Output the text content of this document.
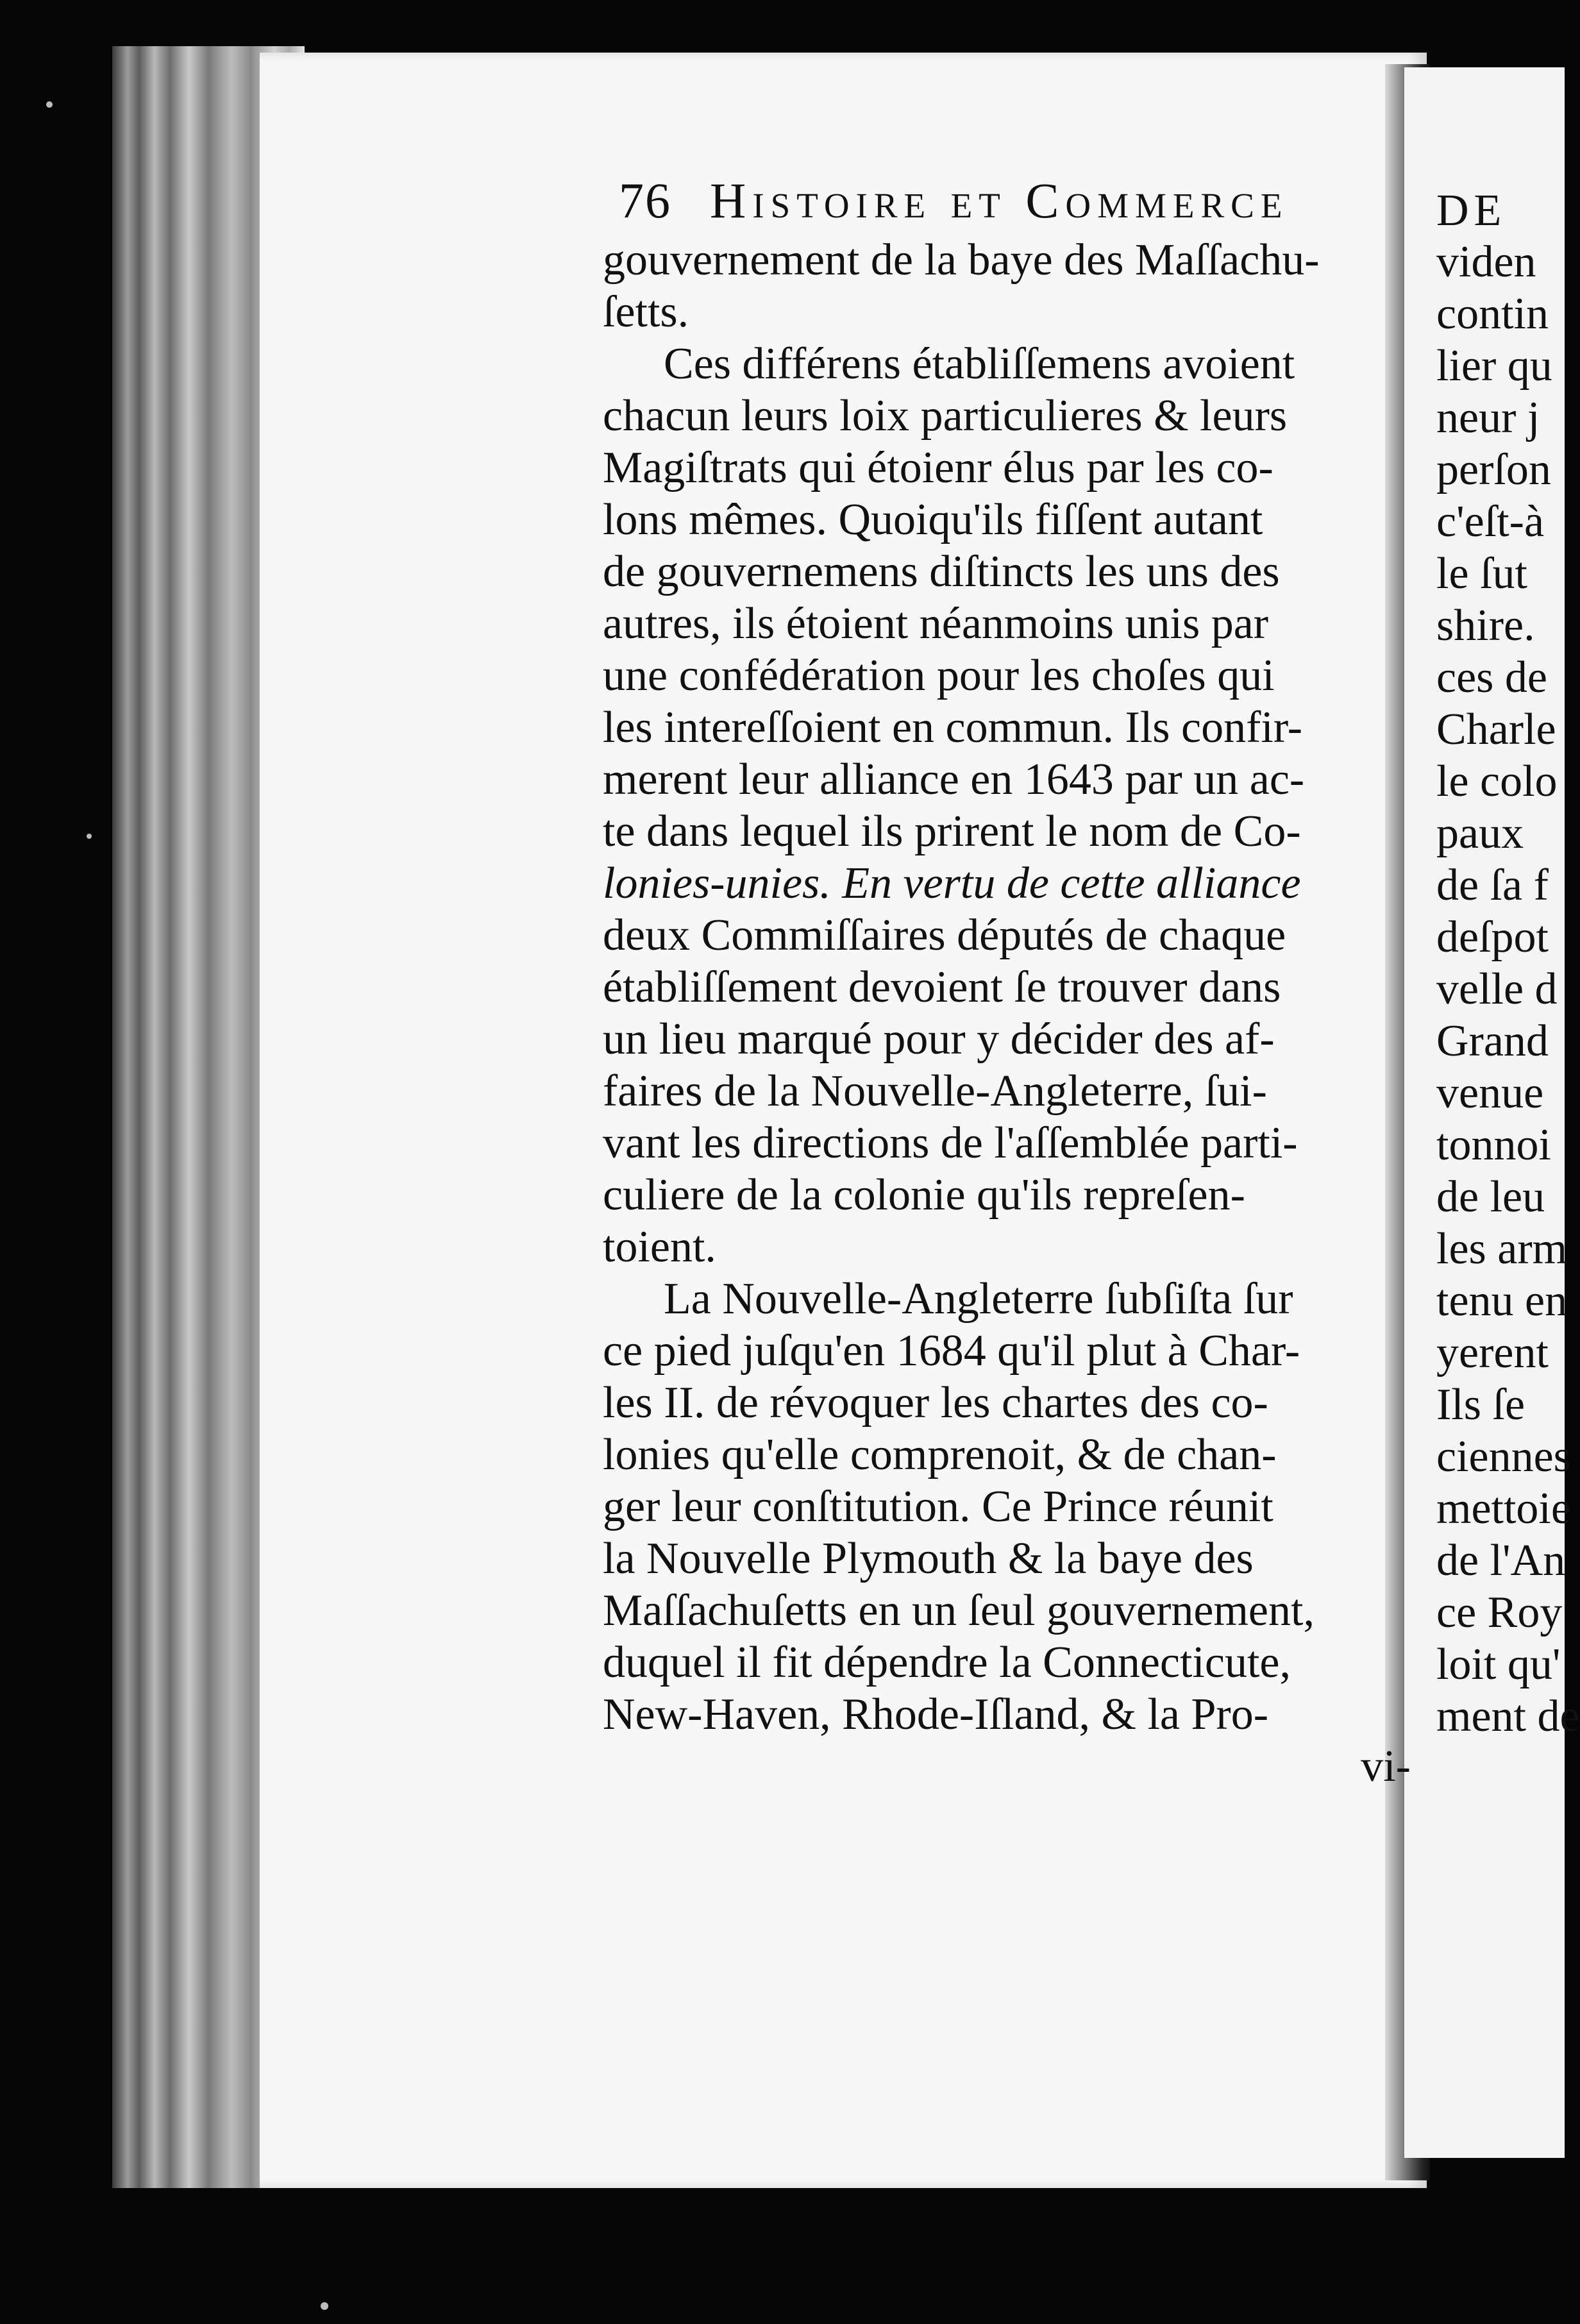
76 Histoire et Commerce
gouvernement de la baye des Maſſachu-
ſetts.
Ces différens établiſſemens avoient
chacun leurs loix particulieres & leurs
Magiſtrats qui étoienr élus par les co-
lons mêmes. Quoiqu'ils fiſſent autant
de gouvernemens diſtincts les uns des
autres, ils étoient néanmoins unis par
une confédération pour les choſes qui
les intereſſoient en commun. Ils confir-
merent leur alliance en 1643 par un ac-
te dans lequel ils prirent le nom de Co-
lonies-unies. En vertu de cette alliance
deux Commiſſaires députés de chaque
établiſſement devoient ſe trouver dans
un lieu marqué pour y décider des af-
faires de la Nouvelle-Angleterre, ſui-
vant les directions de l'aſſemblée parti-
culiere de la colonie qu'ils repreſen-
toient.
La Nouvelle-Angleterre ſubſiſta ſur
ce pied juſqu'en 1684 qu'il plut à Char-
les II. de révoquer les chartes des co-
lonies qu'elle comprenoit, & de chan-
ger leur conſtitution. Ce Prince réunit
la Nouvelle Plymouth & la baye des
Maſſachuſetts en un ſeul gouvernement,
duquel il fit dépendre la Connecticute,
New-Haven, Rhode-Iſland, & la Pro-
vi-
DE
viden
contin
lier qu
neur j
perſon
c'eſt-à
le ſut
shire.
ces de
Charle
le colo
paux
de ſa f
deſpot
velle d
Grand
venue
tonnoi
de leu
les arm
tenu en
yerent
Ils ſe
ciennes
mettoie
de l'An
ce Roy
loit qu'
ment de
